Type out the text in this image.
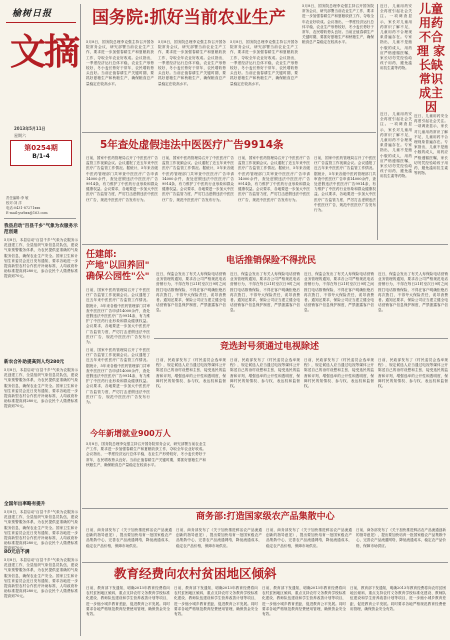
榆树日报
文摘
2013年5月11日
星期六
第0254期
B/1-4
责任编辑:李 敏
校对:刘 洋
电话:0431-87271xxx
E-mail:ysrbxx@163.com
我县启动"百县千乡"气象为农服务示范创建
5月8日，本县启动"百县千乡"气象为农服务示范创建工作，全县组织气象信息员队伍，建设气象预警服务体系，为农民提供更准确的气象服务信息，确保农业生产安全。国家卫生和计划生育委员会近日发布通知，要求各地进一步提高新型农村合作医疗补助标准，人均政府补助标准提高到280元，参合农民个人缴费标准提高到70元。
新农合补助提高到人均280元
5月8日，本县启动"百县千乡"气象为农服务示范创建工作，全县组织气象信息员队伍，建设气象预警服务体系，为农民提供更准确的气象服务信息，确保农业生产安全。国家卫生和计划生育委员会近日发布通知，要求各地进一步提高新型农村合作医疗补助标准，人均政府补助标准提高到280元，参合农民个人缴费标准提高到70元。
全国年出率略有提升
5月8日，本县启动"百县千乡"气象为农服务示范创建工作，全县组织气象信息员队伍，建设气象预警服务体系，为农民提供更准确的气象服务信息，确保农业生产安全。国家卫生和计划生育委员会近日发布通知，要求各地进一步提高新型农村合作医疗补助标准，人均政府补助标准提高到280元，参合农民个人缴费标准提高到70元。
8O元后不满
5月8日，本县启动"百县千乡"气象为农服务示范创建工作，全县组织气象信息员队伍，建设气象预警服务体系，为农民提供更准确的气象服务信息，确保农业生产安全。国家卫生和计划生育委员会近日发布通知，要求各地进一步提高新型农村合作医疗补助标准，人均政府补助标准提高到280元，参合农民个人缴费标准提高到70元。
国务院:抓好当前农业生产
5月8日，国务院总理李克强主持召开国务院常务会议，研究部署当前农业生产工作，要求进一步加强春耕生产和夏粮收获工作，夺取全年农业好收成。会议指出，一季度经济运行总体平稳，农业生产形势较好，冬小麦长势好于常年，农民增收势头良好。当前正值春耕生产关键时期，要抓好夏粮生产和秋粮生产，确保粮食总产量稳定在较高水平。
5月8日，国务院总理李克强主持召开国务院常务会议，研究部署当前农业生产工作，要求进一步加强春耕生产和夏粮收获工作，夺取全年农业好收成。会议指出，一季度经济运行总体平稳，农业生产形势较好，冬小麦长势好于常年，农民增收势头良好。当前正值春耕生产关键时期，要抓好夏粮生产和秋粮生产，确保粮食总产量稳定在较高水平。
5月8日，国务院总理李克强主持召开国务院常务会议，研究部署当前农业生产工作，要求进一步加强春耕生产和夏粮收获工作，夺取全年农业好收成。会议指出，一季度经济运行总体平稳，农业生产形势较好，冬小麦长势好于常年，农民增收势头良好。当前正值春耕生产关键时期，要抓好夏粮生产和秋粮生产，确保粮食总产量稳定在较高水平。
5月8日，国务院总理李克强主持召开国务院常务会议，研究部署当前农业生产工作，要求进一步加强春耕生产和夏粮收获工作，夺取全年农业好收成。会议指出，一季度经济运行总体平稳，农业生产形势较好，冬小麦长势好于常年，农民增收势头良好。当前正值春耕生产关键时期，要抓好夏粮生产和秋粮生产，确保粮食总产量稳定在较高水平。
近日，儿童用药安全再度引起社会关注。一项调查显示，家长对儿童用药常识了解不足，儿童用药不合理现象普遍存在。专家指出，儿童不是缩小版的成人，用药应严格遵循医嘱，家长切勿凭经验给孩子用药，避免滥用抗生素等药物。
儿童用药不合理 家长缺常识成主因
近日，儿童用药安全再度引起社会关注。一项调查显示，家长对儿童用药常识了解不足，儿童用药不合理现象普遍存在。专家指出，儿童不是缩小版的成人，用药应严格遵循医嘱，家长切勿凭经验给孩子用药，避免滥用抗生素等药物。
近日，儿童用药安全再度引起社会关注。一项调查显示，家长对儿童用药常识了解不足，儿童用药不合理现象普遍存在。专家指出，儿童不是缩小版的成人，用药应严格遵循医嘱，家长切勿凭经验给孩子用药，避免滥用抗生素等药物。
5年查处虚假违法中医医疗广告9914条
日前，国家中医药管理局召开了中医医疗广告监管工作视频会议。会议通报了近五年来中医医疗广告监管工作情况。据统计，5年来各级中医药管理部门共审查中医医疗广告申请14000余件，查处虚假违法中医医疗广告9914条，有力维护了中医药行业形象和群众健康权益。会议要求，各地要进一步加大中医医疗广告监管力度，严厉打击虚假违法中医医疗广告，规范中医医疗广告发布行为。
日前，国家中医药管理局召开了中医医疗广告监管工作视频会议。会议通报了近五年来中医医疗广告监管工作情况。据统计，5年来各级中医药管理部门共审查中医医疗广告申请14000余件，查处虚假违法中医医疗广告9914条，有力维护了中医药行业形象和群众健康权益。会议要求，各地要进一步加大中医医疗广告监管力度，严厉打击虚假违法中医医疗广告，规范中医医疗广告发布行为。
日前，国家中医药管理局召开了中医医疗广告监管工作视频会议。会议通报了近五年来中医医疗广告监管工作情况。据统计，5年来各级中医药管理部门共审查中医医疗广告申请14000余件，查处虚假违法中医医疗广告9914条，有力维护了中医药行业形象和群众健康权益。会议要求，各地要进一步加大中医医疗广告监管力度，严厉打击虚假违法中医医疗广告，规范中医医疗广告发布行为。
日前，国家中医药管理局召开了中医医疗广告监管工作视频会议。会议通报了近五年来中医医疗广告监管工作情况。据统计，5年来各级中医药管理部门共审查中医医疗广告申请14000余件，查处虚假违法中医医疗广告9914条，有力维护了中医药行业形象和群众健康权益。会议要求，各地要进一步加大中医医疗广告监管力度，严厉打击虚假违法中医医疗广告，规范中医医疗广告发布行为。
任建郎:
产地"以回养回"
确保公园性"公"
日前，国家中医药管理局召开了中医医疗广告监管工作视频会议。会议通报了近五年来中医医疗广告监管工作情况。据统计，5年来各级中医药管理部门共审查中医医疗广告申请14000余件，查处虚假违法中医医疗广告9914条，有力维护了中医药行业形象和群众健康权益。会议要求，各地要进一步加大中医医疗广告监管力度，严厉打击虚假违法中医医疗广告，规范中医医疗广告发布行为。
日前，国家中医药管理局召开了中医医疗广告监管工作视频会议。会议通报了近五年来中医医疗广告监管工作情况。据统计，5年来各级中医药管理部门共审查中医医疗广告申请14000余件，查处虚假违法中医医疗广告9914条，有力维护了中医药行业形象和群众健康权益。会议要求，各地要进一步加大中医医疗广告监管力度，严厉打击虚假违法中医医疗广告，规范中医医疗广告发布行为。
电话推销保险不得扰民
近日，保监会发出了有关人寿保险电话营销业务管理的通知，要求各公司严格规范电话营销行为，不得在每日21时至次日9时之间拨打电话推销保险，不得在客户明确拒绝后再次拨打，不得夸大保险责任，误导消费者。通知还要求，保险公司应当建立健全电话营销客户信息保护制度，严禁泄露客户信息。
近日，保监会发出了有关人寿保险电话营销业务管理的通知，要求各公司严格规范电话营销行为，不得在每日21时至次日9时之间拨打电话推销保险，不得在客户明确拒绝后再次拨打，不得夸大保险责任，误导消费者。通知还要求，保险公司应当建立健全电话营销客户信息保护制度，严禁泄露客户信息。
近日，保监会发出了有关人寿保险电话营销业务管理的通知，要求各公司严格规范电话营销行为，不得在每日21时至次日9时之间拨打电话推销保险，不得在客户明确拒绝后再次拨打，不得夸大保险责任，误导消费者。通知还要求，保险公司应当建立健全电话营销客户信息保护制度，严禁泄露客户信息。
近日，保监会发出了有关人寿保险电话营销业务管理的通知，要求各公司严格规范电话营销行为，不得在每日21时至次日9时之间拨打电话推销保险，不得在客户明确拒绝后再次拨打，不得夸大保险责任，误导消费者。通知还要求，保险公司应当建立健全电话营销客户信息保护制度，严禁泄露客户信息。
竞选封号须通过电视除述
日前，民政部发布了《村民委员会选举规程》，规定候选人应当通过电视等媒体公开陈述自己的治村设想和主张，接受选民的监督和评判，增强选举的公开性和透明度，保障村民的知情权、参与权、表达权和监督权。
日前，民政部发布了《村民委员会选举规程》，规定候选人应当通过电视等媒体公开陈述自己的治村设想和主张，接受选民的监督和评判，增强选举的公开性和透明度，保障村民的知情权、参与权、表达权和监督权。
日前，民政部发布了《村民委员会选举规程》，规定候选人应当通过电视等媒体公开陈述自己的治村设想和主张，接受选民的监督和评判，增强选举的公开性和透明度，保障村民的知情权、参与权、表达权和监督权。
日前，民政部发布了《村民委员会选举规程》，规定候选人应当通过电视等媒体公开陈述自己的治村设想和主张，接受选民的监督和评判，增强选举的公开性和透明度，保障村民的知情权、参与权、表达权和监督权。
今年新增就业900万人
5月8日，国务院总理李克强主持召开国务院常务会议，研究部署当前农业生产工作，要求进一步加强春耕生产和夏粮收获工作，夺取全年农业好收成。会议指出，一季度经济运行总体平稳，农业生产形势较好，冬小麦长势好于常年，农民增收势头良好。当前正值春耕生产关键时期，要抓好夏粮生产和秋粮生产，确保粮食总产量稳定在较高水平。
商务部:打造国家级农产品集散中心
日前，商务部发布了《关于加快推进鲜活农产品流通创新的指导意见》，提出要加快培育一批国家级农产品集散中心，完善农产品流通网络，降低流通成本，稳定农产品价格，保障市场供应。
日前，商务部发布了《关于加快推进鲜活农产品流通创新的指导意见》，提出要加快培育一批国家级农产品集散中心，完善农产品流通网络，降低流通成本，稳定农产品价格，保障市场供应。
日前，商务部发布了《关于加快推进鲜活农产品流通创新的指导意见》，提出要加快培育一批国家级农产品集散中心，完善农产品流通网络，降低流通成本，稳定农产品价格，保障市场供应。
日前，商务部发布了《关于加快推进鲜活农产品流通创新的指导意见》，提出要加快培育一批国家级农产品集散中心，完善农产品流通网络，降低流通成本，稳定农产品价格，保障市场供应。
教育经费向农村贫困地区倾斜
日前，教育部下发通知，明确2013年教育经费将向农村贫困地区倾斜，重点支持农村义务教育学校标准化建设、教师队伍建设和学生营养改善计划等项目，进一步缩小城乡教育差距，促进教育公平发展。同时要求各地严格规范教育经费使用管理，确保资金安全有效。
日前，教育部下发通知，明确2013年教育经费将向农村贫困地区倾斜，重点支持农村义务教育学校标准化建设、教师队伍建设和学生营养改善计划等项目，进一步缩小城乡教育差距，促进教育公平发展。同时要求各地严格规范教育经费使用管理，确保资金安全有效。
日前，教育部下发通知，明确2013年教育经费将向农村贫困地区倾斜，重点支持农村义务教育学校标准化建设、教师队伍建设和学生营养改善计划等项目，进一步缩小城乡教育差距，促进教育公平发展。同时要求各地严格规范教育经费使用管理，确保资金安全有效。
日前，教育部下发通知，明确2013年教育经费将向农村贫困地区倾斜，重点支持农村义务教育学校标准化建设、教师队伍建设和学生营养改善计划等项目，进一步缩小城乡教育差距，促进教育公平发展。同时要求各地严格规范教育经费使用管理，确保资金安全有效。
